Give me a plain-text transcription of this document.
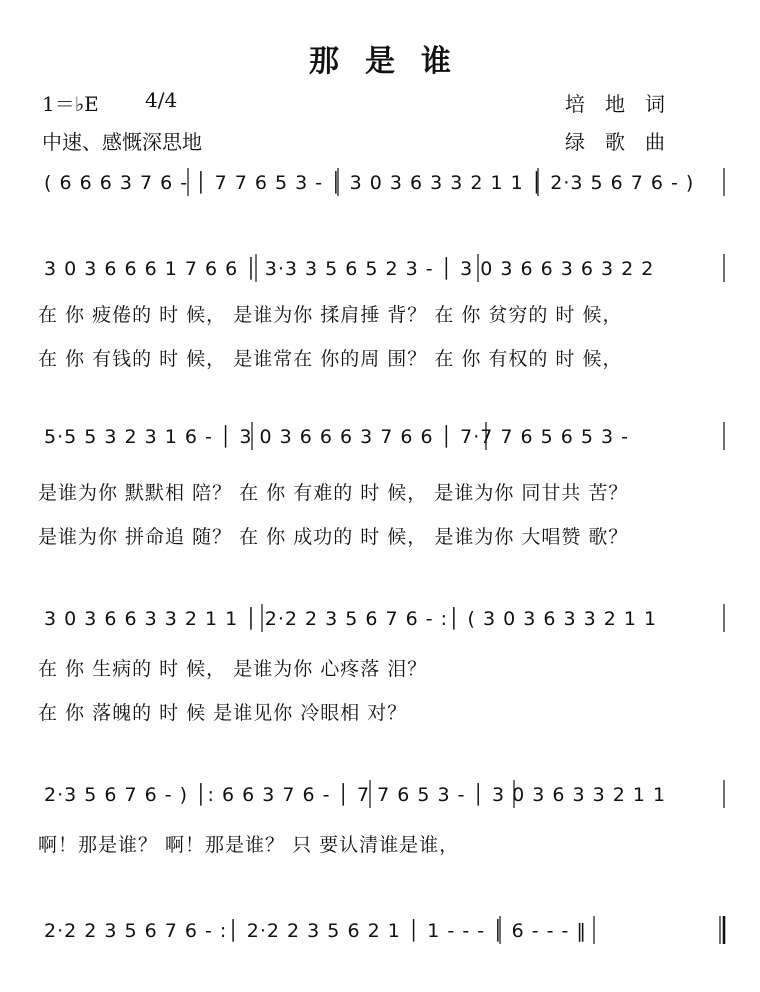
那是谁
1＝♭E 4/4	培地词
中速、感慨深思地	绿歌曲
( 6 6 6 3 7 6 - │ 7 7 6 5 3 - │ 3 0 3 6 3 3 2 1 1 │ 2·3 5 6 7 6 - )
3 0 3 6 6 6 1 7 6 6 │ 3·3 3 5 6 5 2 3 - │ 3 0 3 6 6 3 6 3 2 2
在 你 疲倦的 时 候， 是谁为你 揉肩捶 背？ 在 你 贫穷的 时 候，
在 你 有钱的 时 候， 是谁常在 你的周 围？ 在 你 有权的 时 候，
5·5 5 3 2 3 1 6 - │ 3 0 3 6 6 6 3 7 6 6 │ 7·7 7 6 5 6 5 3 -
是谁为你 默默相 陪？ 在 你 有难的 时 候， 是谁为你 同甘共 苦？
是谁为你 拼命追 随？ 在 你 成功的 时 候， 是谁为你 大唱赞 歌？
3 0 3 6 6 3 3 2 1 1 │ 2·2 2 3 5 6 7 6 - :│ ( 3 0 3 6 3 3 2 1 1
在 你 生病的 时 候， 是谁为你 心疼落 泪？
在 你 落魄的 时 候 是谁见你 冷眼相 对？
2·3 5 6 7 6 - ) │: 6 6 3 7 6 - │ 7 7 6 5 3 - │ 3 0 3 6 3 3 2 1 1
啊！那是谁？ 啊！那是谁？ 只 要认清谁是谁，
2·2 2 3 5 6 7 6 - :│ 2·2 2 3 5 6 2 1 │ 1 - - - │ 6 - - - ‖
